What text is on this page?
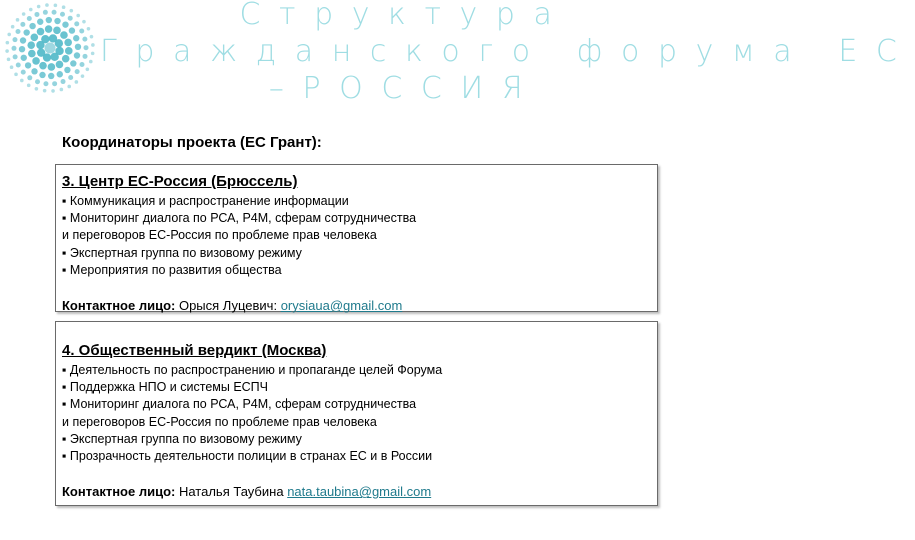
Структура
Гражданского форума ЕС
–РОССИЯ
Координаторы проекта (ЕС Грант):
3. Центр ЕС-Россия (Брюссель)
▪ Коммуникация и распространение информации
▪ Мониторинг диалога по РСА, Р4М, сферам сотрудничества
и переговоров ЕС-Россия по проблеме прав человека
▪ Экспертная группа по визовому режиму
▪ Мероприятия по развития общества
Контактное лицо: Орыся Луцевич: orysiaua@gmail.com
4. Общественный вердикт (Москва)
▪ Деятельность по распространению и пропаганде целей Форума
▪ Поддержка НПО и системы ЕСПЧ
▪ Мониторинг диалога по РСА, Р4М, сферам сотрудничества
и переговоров ЕС-Россия по проблеме прав человека
▪ Экспертная группа по визовому режиму
▪ Прозрачность деятельности полиции в странах ЕС и в России
Контактное лицо: Наталья Таубина nata.taubina@gmail.com
